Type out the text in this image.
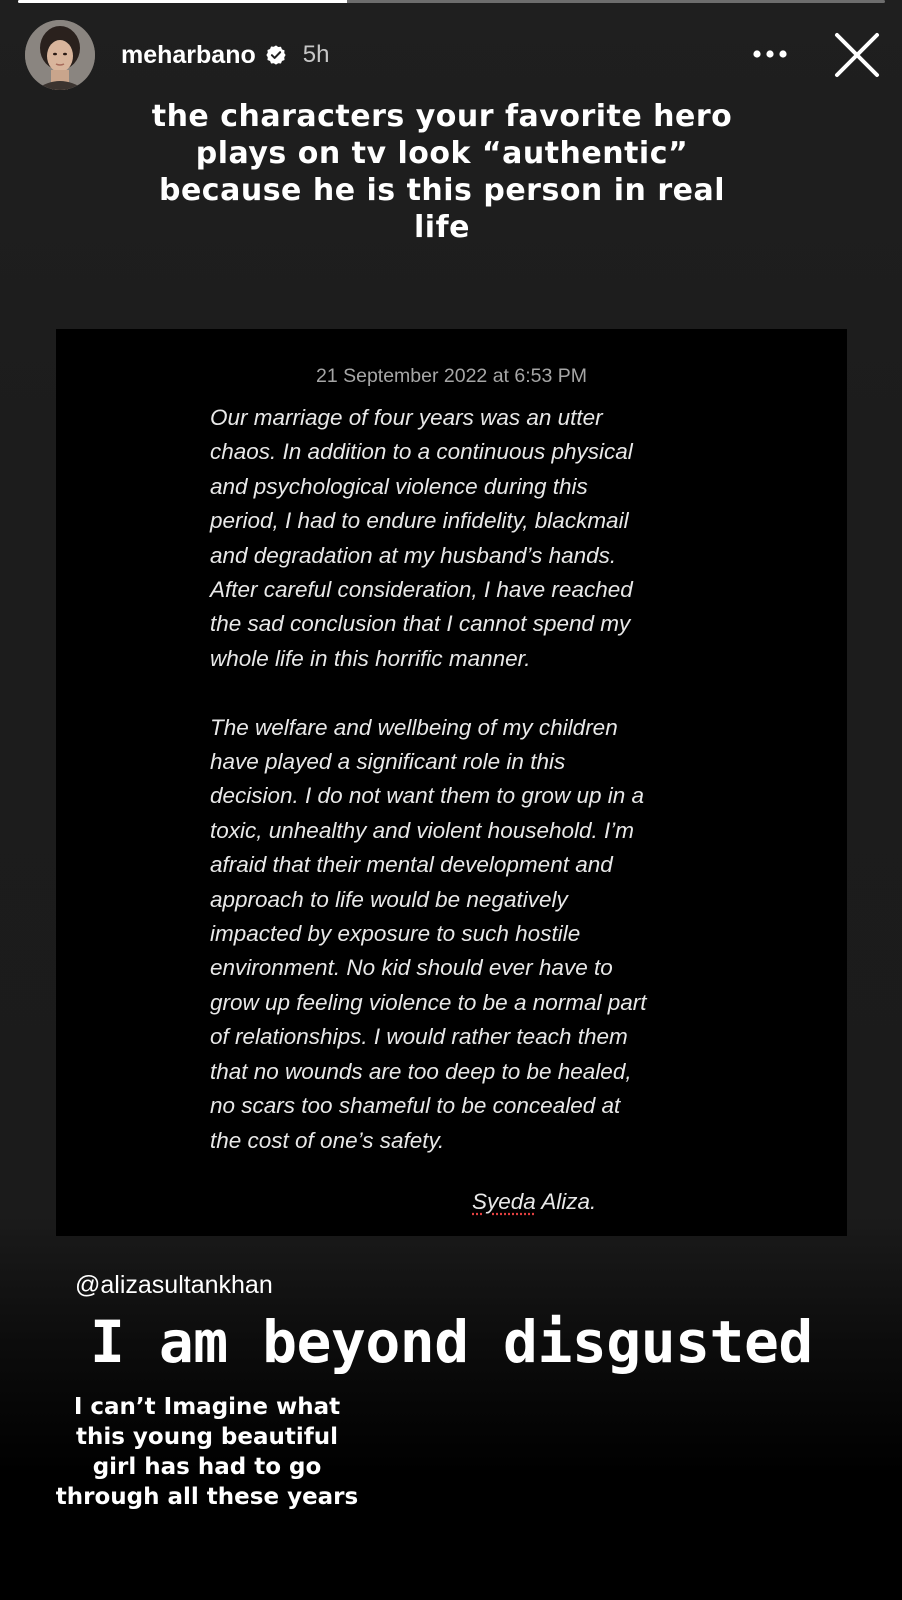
meharbano 5h
the characters your favorite hero plays on tv look “authentic” because he is this person in real life
21 September 2022 at 6:53 PM

Our marriage of four years was an utter

chaos. In addition to a continuous physical

and psychological violence during this

period, I had to endure infidelity, blackmail

and degradation at my husband’s hands.

After careful consideration, I have reached

the sad conclusion that I cannot spend my

whole life in this horrific manner.

The welfare and wellbeing of my children

have played a significant role in this

decision. I do not want them to grow up in a

toxic, unhealthy and violent household. I’m

afraid that their mental development and

approach to life would be negatively

impacted by exposure to such hostile

environment. No kid should ever have to

grow up feeling violence to be a normal part

of relationships. I would rather teach them

that no wounds are too deep to be healed,

no scars too shameful to be concealed at

the cost of one’s safety.

Syeda Aliza.
@alizasultankhan
I am beyond disgusted
I can’t Imagine what this young beautiful girl has had to go through all these years
